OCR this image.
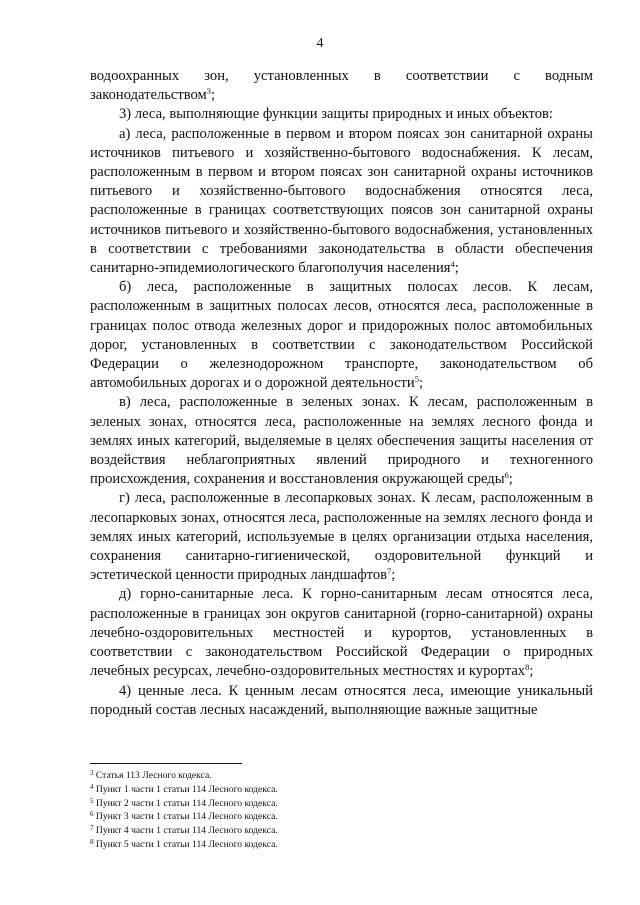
4

водоохранных зон, установленных в соответствии с водным законодательством$^3$;

3) леса, выполняющие функции защиты природных и иных объектов:

а) леса, расположенные в первом и втором поясах зон санитарной охраны источников питьевого и хозяйственно-бытового водоснабжения. К лесам, расположенным в первом и втором поясах зон санитарной охраны источников питьевого и хозяйственно-бытового водоснабжения относятся леса, расположенные в границах соответствующих поясов зон санитарной охраны источников питьевого и хозяйственно-бытового водоснабжения, установленных в соответствии с требованиями законодательства в области обеспечения санитарно-эпидемиологического благополучия населения$^4$;

б) леса, расположенные в защитных полосах лесов. К лесам, расположенным в защитных полосах лесов, относятся леса, расположенные в границах полос отвода железных дорог и придорожных полос автомобильных дорог, установленных в соответствии с законодательством Российской Федерации о железнодорожном транспорте, законодательством об автомобильных дорогах и о дорожной деятельности$^5$;

в) леса, расположенные в зеленых зонах. К лесам, расположенным в зеленых зонах, относятся леса, расположенные на землях лесного фонда и землях иных категорий, выделяемые в целях обеспечения защиты населения от воздействия неблагоприятных явлений природного и техногенного происхождения, сохранения и восстановления окружающей среды$^6$;

г) леса, расположенные в лесопарковых зонах. К лесам, расположенным в лесопарковых зонах, относятся леса, расположенные на землях лесного фонда и землях иных категорий, используемые в целях организации отдыха населения, сохранения санитарно-гигиенической, оздоровительной функций и эстетической ценности природных ландшафтов$^7$;

д) горно-санитарные леса. К горно-санитарным лесам относятся леса, расположенные в границах зон округов санитарной (горно-санитарной) охраны лечебно-оздоровительных местностей и курортов, установленных в соответствии с законодательством Российской Федерации о природных лечебных ресурсах, лечебно-оздоровительных местностях и курортах$^8$;

4) ценные леса. К ценным лесам относятся леса, имеющие уникальный породный состав лесных насаждений, выполняющие важные защитные

$^3$ Статья 113 Лесного кодекса.
$^4$ Пункт 1 части 1 статьи 114 Лесного кодекса.
$^5$ Пункт 2 части 1 статьи 114 Лесного кодекса.
$^6$ Пункт 3 части 1 статьи 114 Лесного кодекса.
$^7$ Пункт 4 части 1 статьи 114 Лесного кодекса.
$^8$ Пункт 5 части 1 статьи 114 Лесного кодекса.
